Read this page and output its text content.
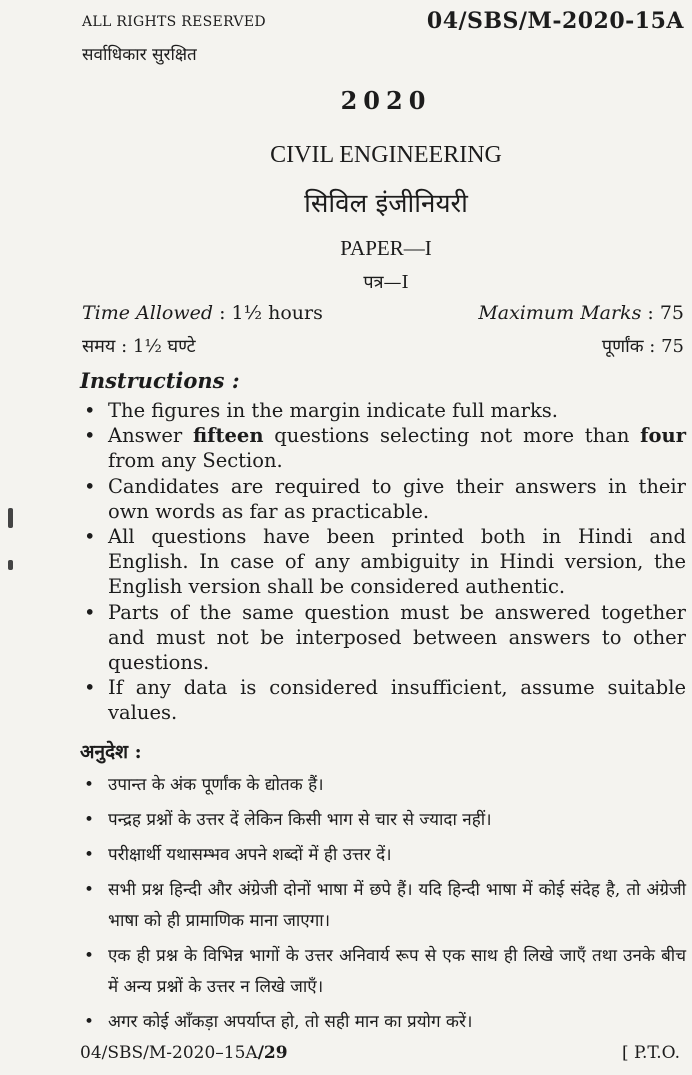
ALL RIGHTS RESERVED
सर्वाधिकार सुरक्षित
04/SBS/M-2020-15A
2020
CIVIL ENGINEERING
सिविल इंजीनियरी
PAPER—I
पत्र—I
Time Allowed : 1½ hours	Maximum Marks : 75
समय : 1½ घण्टे	पूर्णांक : 75
Instructions :
• The figures in the margin indicate full marks.
• Answer fifteen questions selecting not more than four from any Section.
• Candidates are required to give their answers in their own words as far as practicable.
• All questions have been printed both in Hindi and English. In case of any ambiguity in Hindi version, the English version shall be considered authentic.
• Parts of the same question must be answered together and must not be interposed between answers to other questions.
• If any data is considered insufficient, assume suitable values.
अनुदेश :
• उपान्त के अंक पूर्णांक के द्योतक हैं।
• पन्द्रह प्रश्नों के उत्तर दें लेकिन किसी भाग से चार से ज्यादा नहीं।
• परीक्षार्थी यथासम्भव अपने शब्दों में ही उत्तर दें।
• सभी प्रश्न हिन्दी और अंग्रेजी दोनों भाषा में छपे हैं। यदि हिन्दी भाषा में कोई संदेह है, तो अंग्रेजी भाषा को ही प्रामाणिक माना जाएगा।
• एक ही प्रश्न के विभिन्न भागों के उत्तर अनिवार्य रूप से एक साथ ही लिखे जाएँ तथा उनके बीच में अन्य प्रश्नों के उत्तर न लिखे जाएँ।
• अगर कोई आँकड़ा अपर्याप्त हो, तो सही मान का प्रयोग करें।
04/SBS/M-2020–15A/29	[ P.T.O.
